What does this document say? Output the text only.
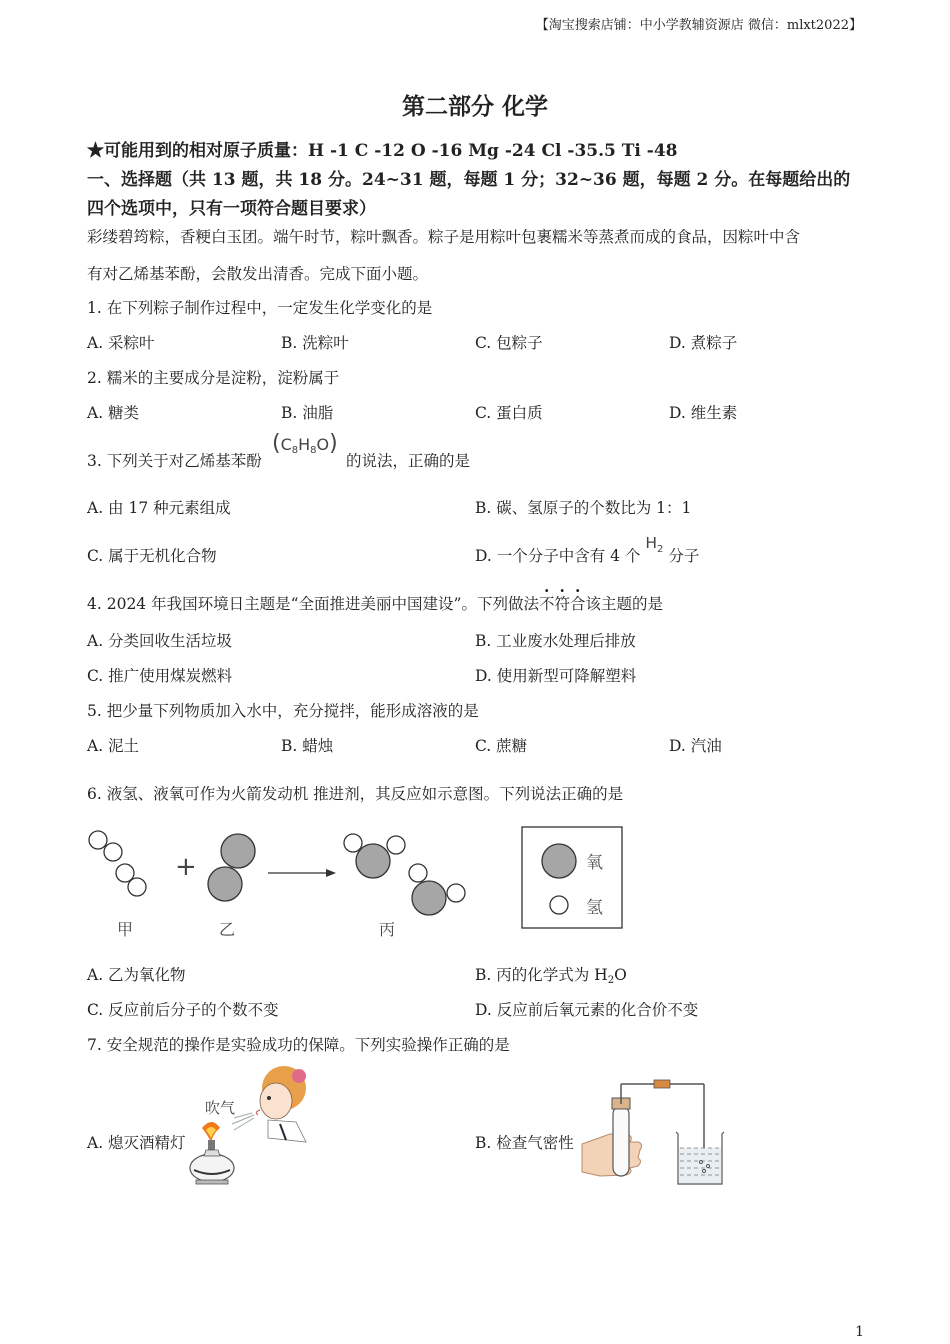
【淘宝搜索店铺：中小学教辅资源店 微信：mlxt2022】
第二部分 化学
★可能用到的相对原子质量：H -1 C -12 O -16 Mg -24 Cl -35.5 Ti -48
一、选择题（共 13 题，共 18 分。24~31 题，每题 1 分；32~36 题，每题 2 分。在每题给出的
四个选项中，只有一项符合题目要求）
彩缕碧筠粽，香粳白玉团。端午时节，粽叶飘香。粽子是用粽叶包裹糯米等蒸煮而成的食品，因粽叶中含
有对乙烯基苯酚，会散发出清香。完成下面小题。
1. 在下列粽子制作过程中，一定发生化学变化的是
A. 采粽叶	B. 洗粽叶	C. 包粽子	D. 煮粽子
2. 糯米的主要成分是淀粉，淀粉属于
A. 糖类	B. 油脂	C. 蛋白质	D. 维生素
3. 下列关于对乙烯基苯酚
$(C_8H_8O)$
的说法，正确的是
A. 由 17 种元素组成	B. 碳、氢原子的个数比为 1：1
C. 属于无机化合物	D. 一个分子中含有 4 个 $H_2$ 分子
4. 2024 年我国环境日主题是“全面推进美丽中国建设”。下列做法不符合该主题的是
A. 分类回收生活垃圾	B. 工业废水处理后排放
C. 推广使用煤炭燃料	D. 使用新型可降解塑料
5. 把少量下列物质加入水中，充分搅拌，能形成溶液的是
A. 泥土	B. 蜡烛	C. 蔗糖	D. 汽油
6. 液氢、液氧可作为火箭发动机 推进剂，其反应如示意图。下列说法正确的是
+
甲	乙	丙
氧
氢
A. 乙为氧化物	B. 丙的化学式为 H2O
C. 反应前后分子的个数不变	D. 反应前后氧元素的化合价不变
7. 安全规范的操作是实验成功的保障。下列实验操作正确的是
A. 熄灭酒精灯
吹气
B. 检查气密性
1
